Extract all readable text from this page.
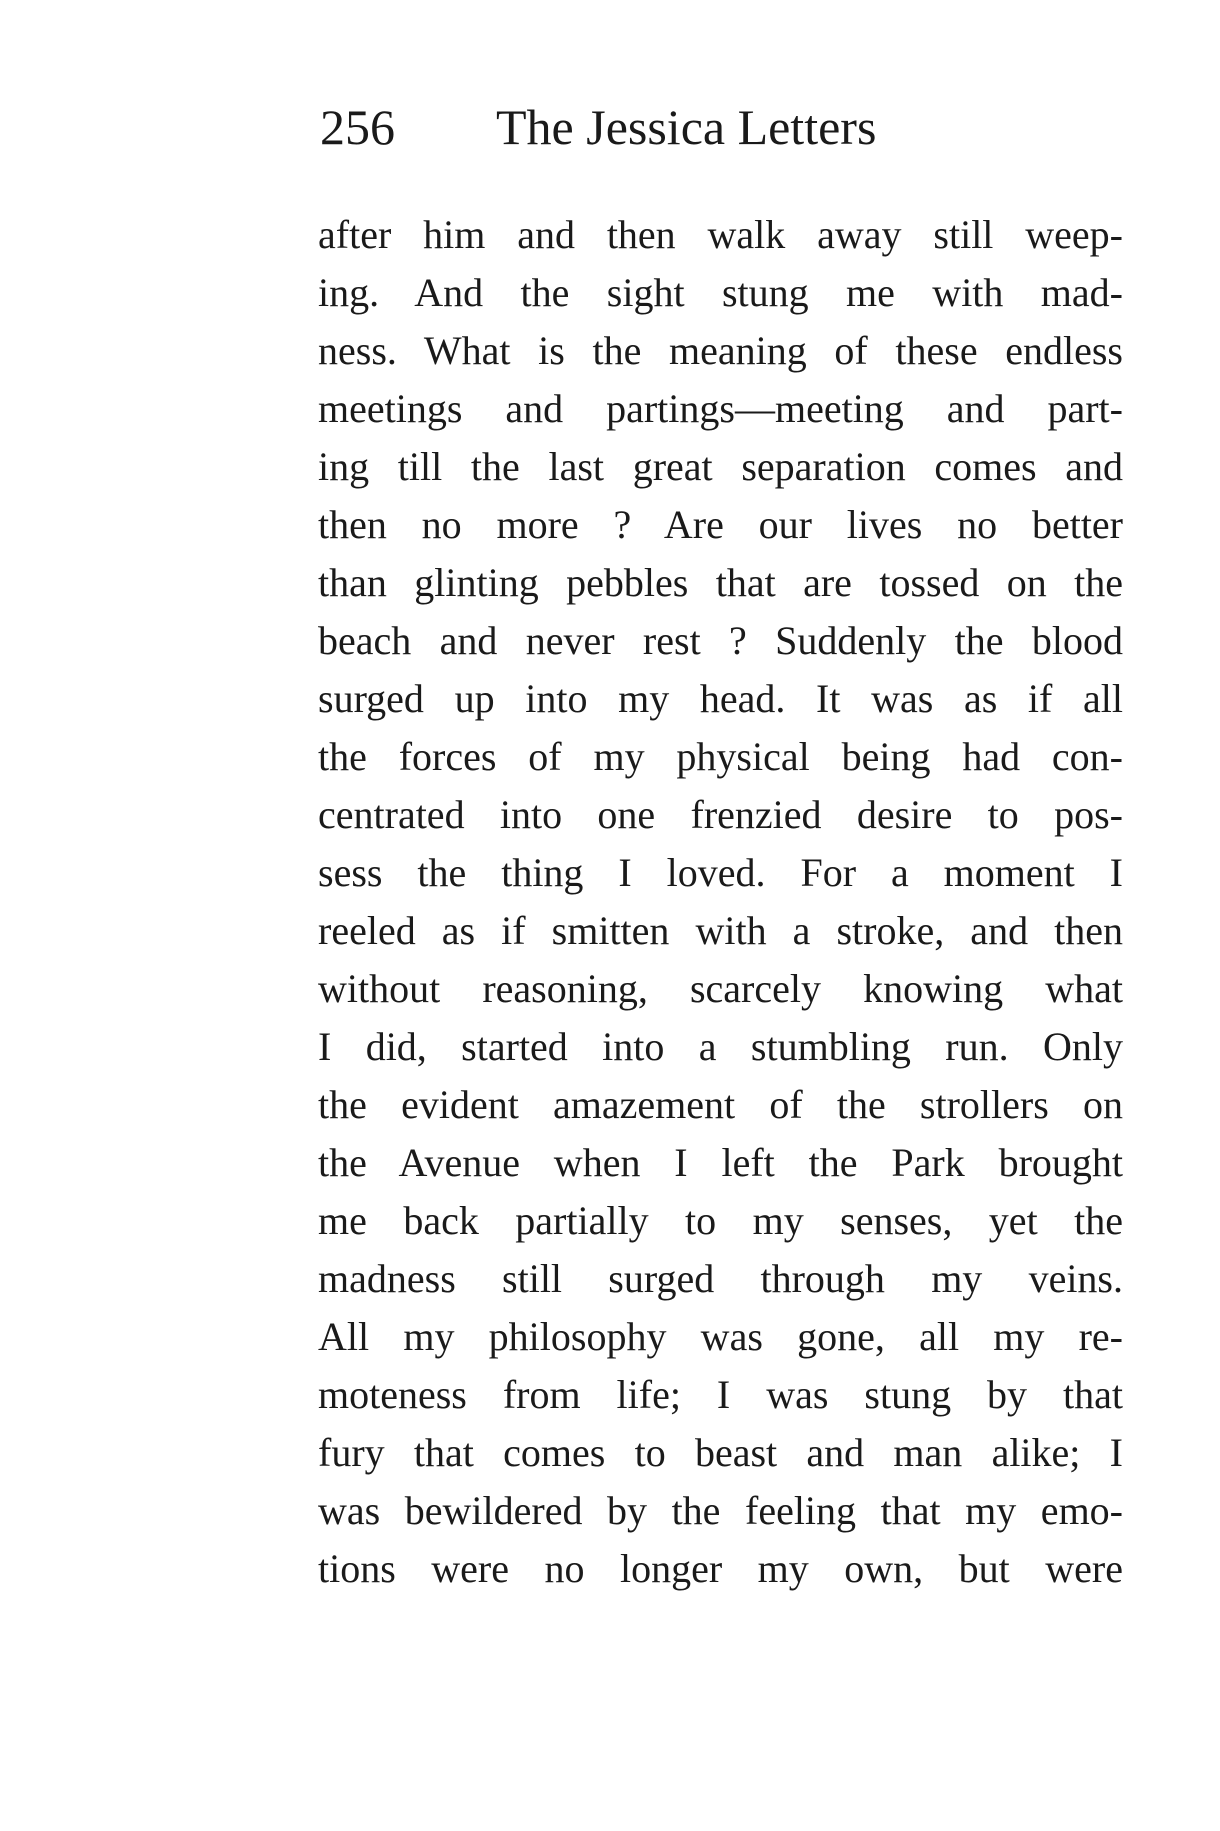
256 The Jessica Letters
after him and then walk away still weep-
ing. And the sight stung me with mad-
ness. What is the meaning of these endless
meetings and partings—meeting and part-
ing till the last great separation comes and
then no more ? Are our lives no better
than glinting pebbles that are tossed on the
beach and never rest ? Suddenly the blood
surged up into my head. It was as if all
the forces of my physical being had con-
centrated into one frenzied desire to pos-
sess the thing I loved. For a moment I
reeled as if smitten with a stroke, and then
without reasoning, scarcely knowing what
I did, started into a stumbling run. Only
the evident amazement of the strollers on
the Avenue when I left the Park brought
me back partially to my senses, yet the
madness still surged through my veins.
All my philosophy was gone, all my re-
moteness from life; I was stung by that
fury that comes to beast and man alike; I
was bewildered by the feeling that my emo-
tions were no longer my own, but were
